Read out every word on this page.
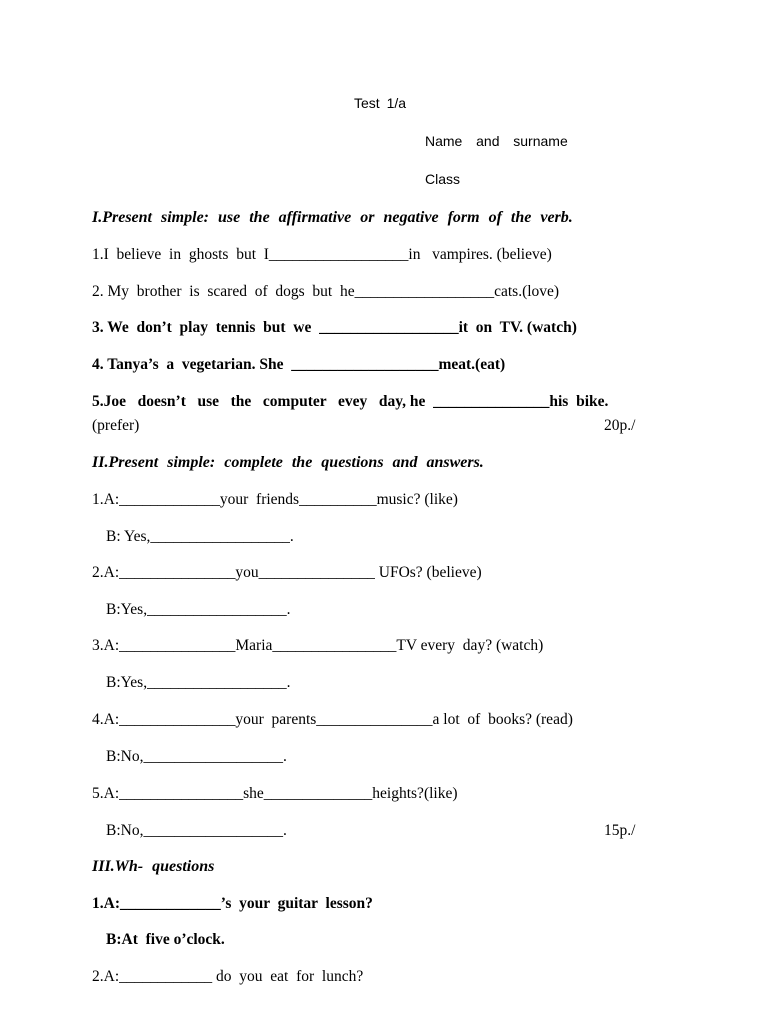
Test 1/a
Name  and  surname
Class
I.Present simple: use the affirmative or negative form of the verb.
1.I  believe  in  ghosts  but  I__________________in   vampires. (believe)
2. My  brother  is  scared  of  dogs  but  he__________________cats.(love)
3. We  don’t  play  tennis  but  we  __________________it  on  TV. (watch)
4. Tanya’s  a  vegetarian. She  ___________________meat.(eat)
5.Joe   doesn’t   use   the   computer   evey   day, he  _______________his  bike.
(prefer)	20p./
II.Present simple: complete the questions and answers.
1.A:_____________your  friends__________music? (like)
B: Yes,__________________.
2.A:_______________you_______________ UFOs? (believe)
B:Yes,__________________.
3.A:_______________Maria________________TV every  day? (watch)
B:Yes,__________________.
4.A:_______________your  parents_______________a lot  of  books? (read)
B:No,__________________.
5.A:________________she______________heights?(like)
B:No,__________________.	15p./
III.Wh- questions
1.A:_____________’s  your  guitar  lesson?
B:At  five o’clock.
2.A:____________ do  you  eat  for  lunch?
